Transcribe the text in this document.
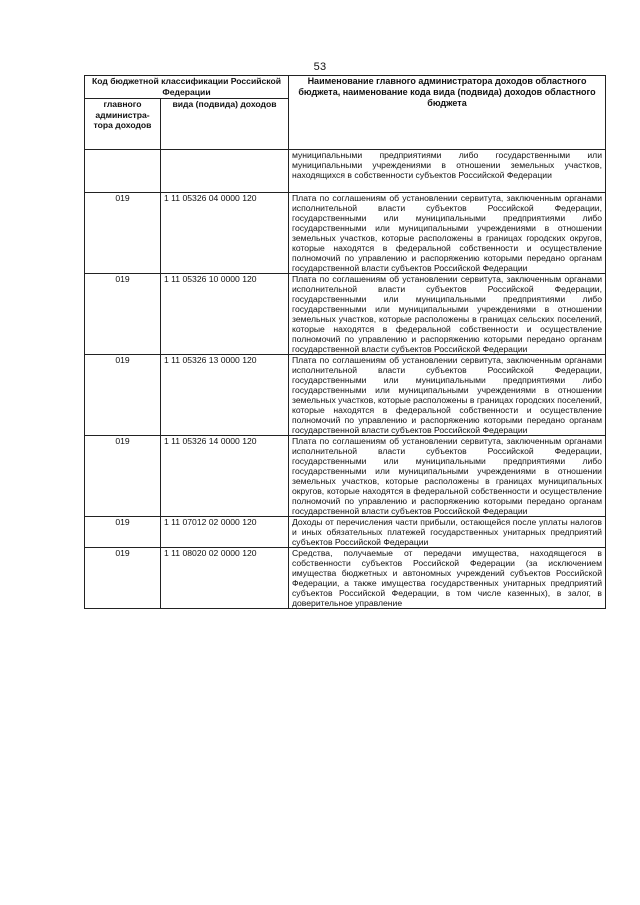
53
Код бюджетной классификации Российской Федерации		Наименование главного администратора доходов областного бюджета, наименование кода вида (подвида) доходов областного бюджета
главного администра-тора доходов	вида (подвида) доходов	
		муниципальными предприятиями либо государственными или муниципальными учреждениями в отношении земельных участков, находящихся в собственности субъектов Российской Федерации
019	1 11 05326 04 0000 120	Плата по соглашениям об установлении сервитута, заключенным органами исполнительной власти субъектов Российской Федерации, государственными или муниципальными предприятиями либо государственными или муниципальными учреждениями в отношении земельных участков, которые расположены в границах городских округов, которые находятся в федеральной собственности и осуществление полномочий по управлению и распоряжению которыми передано органам государственной власти субъектов Российской Федерации
019	1 11 05326 10 0000 120	Плата по соглашениям об установлении сервитута, заключенным органами исполнительной власти субъектов Российской Федерации, государственными или муниципальными предприятиями либо государственными или муниципальными учреждениями в отношении земельных участков, которые расположены в границах сельских поселений, которые находятся в федеральной собственности и осуществление полномочий по управлению и распоряжению которыми передано органам государственной власти субъектов Российской Федерации
019	1 11 05326 13 0000 120	Плата по соглашениям об установлении сервитута, заключенным органами исполнительной власти субъектов Российской Федерации, государственными или муниципальными предприятиями либо государственными или муниципальными учреждениями в отношении земельных участков, которые расположены в границах городских поселений, которые находятся в федеральной собственности и осуществление полномочий по управлению и распоряжению которыми передано органам государственной власти субъектов Российской Федерации
019	1 11 05326 14 0000 120	Плата по соглашениям об установлении сервитута, заключенным органами исполнительной власти субъектов Российской Федерации, государственными или муниципальными предприятиями либо государственными или муниципальными учреждениями в отношении земельных участков, которые расположены в границах муниципальных округов, которые находятся в федеральной собственности и осуществление полномочий по управлению и распоряжению которыми передано органам государственной власти субъектов Российской Федерации
019	1 11 07012 02 0000 120	Доходы от перечисления части прибыли, остающейся после уплаты налогов и иных обязательных платежей государственных унитарных предприятий субъектов Российской Федерации
019	1 11 08020 02 0000 120	Средства, получаемые от передачи имущества, находящегося в собственности субъектов Российской Федерации (за исключением имущества бюджетных и автономных учреждений субъектов Российской Федерации, а также имущества государственных унитарных предприятий субъектов Российской Федерации, в том числе казенных), в залог, в доверительное управление
